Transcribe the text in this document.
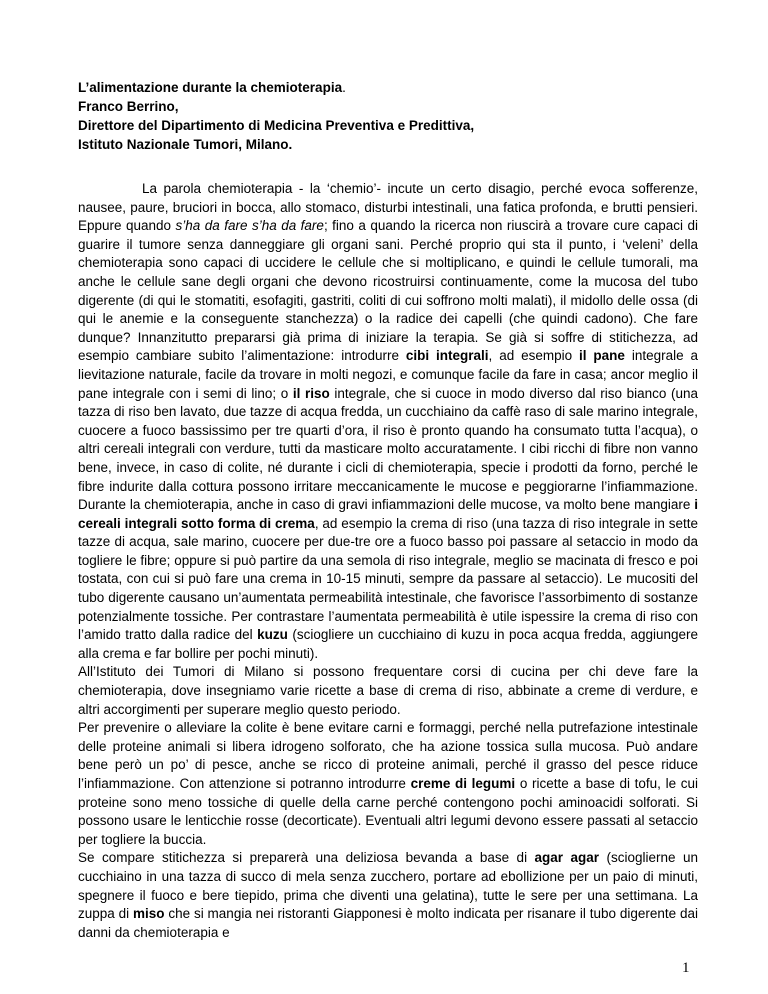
L’alimentazione durante la chemioterapia.
Franco Berrino,
Direttore del Dipartimento di Medicina Preventiva e Predittiva,
Istituto Nazionale Tumori, Milano.

La parola chemioterapia - la ‘chemio’- incute un certo disagio, perché evoca sofferenze, nausee, paure, bruciori in bocca, allo stomaco, disturbi intestinali, una fatica profonda, e brutti pensieri. Eppure quando s’ha da fare s’ha da fare; fino a quando la ricerca non riuscirà a trovare cure capaci di guarire il tumore senza danneggiare gli organi sani. Perché proprio qui sta il punto, i ‘veleni’ della chemioterapia sono capaci di uccidere le cellule che si moltiplicano, e quindi le cellule tumorali, ma anche le cellule sane degli organi che devono ricostruirsi continuamente, come la mucosa del tubo digerente (di qui le stomatiti, esofagiti, gastriti, coliti di cui soffrono molti malati), il midollo delle ossa (di qui le anemie e la conseguente stanchezza) o la radice dei capelli (che quindi cadono). Che fare dunque? Innanzitutto prepararsi già prima di iniziare la terapia. Se già si soffre di stitichezza, ad esempio cambiare subito l’alimentazione: introdurre cibi integrali, ad esempio il pane integrale a lievitazione naturale, facile da trovare in molti negozi, e comunque facile da fare in casa; ancor meglio il pane integrale con i semi di lino; o il riso integrale, che si cuoce in modo diverso dal riso bianco (una tazza di riso ben lavato, due tazze di acqua fredda, un cucchiaino da caffè raso di sale marino integrale, cuocere a fuoco bassissimo per tre quarti d’ora, il riso è pronto quando ha consumato tutta l’acqua), o altri cereali integrali con verdure, tutti da masticare molto accuratamente. I cibi ricchi di fibre non vanno bene, invece, in caso di colite, né durante i cicli di chemioterapia, specie i prodotti da forno, perché le fibre indurite dalla cottura possono irritare meccanicamente le mucose e peggiorarne l’infiammazione. Durante la chemioterapia, anche in caso di gravi infiammazioni delle mucose, va molto bene mangiare i cereali integrali sotto forma di crema, ad esempio la crema di riso (una tazza di riso integrale in sette tazze di acqua, sale marino, cuocere per due-tre ore a fuoco basso poi passare al setaccio in modo da togliere le fibre; oppure si può partire da una semola di riso integrale, meglio se macinata di fresco e poi tostata, con cui si può fare una crema in 10-15 minuti, sempre da passare al setaccio). Le mucositi del tubo digerente causano un’aumentata permeabilità intestinale, che favorisce l’assorbimento di sostanze potenzialmente tossiche. Per contrastare l’aumentata permeabilità è utile ispessire la crema di riso con l’amido tratto dalla radice del kuzu (sciogliere un cucchiaino di kuzu in poca acqua fredda, aggiungere alla crema e far bollire per pochi minuti).

All’Istituto dei Tumori di Milano si possono frequentare corsi di cucina per chi deve fare la chemioterapia, dove insegniamo varie ricette a base di crema di riso, abbinate a creme di verdure, e altri accorgimenti per superare meglio questo periodo.

Per prevenire o alleviare la colite è bene evitare carni e formaggi, perché nella putrefazione intestinale delle proteine animali si libera idrogeno solforato, che ha azione tossica sulla mucosa. Può andare bene però un po’ di pesce, anche se ricco di proteine animali, perché il grasso del pesce riduce l’infiammazione. Con attenzione si potranno introdurre creme di legumi o ricette a base di tofu, le cui proteine sono meno tossiche di quelle della carne perché contengono pochi aminoacidi solforati. Si possono usare le lenticchie rosse (decorticate). Eventuali altri legumi devono essere passati al setaccio per togliere la buccia.

Se compare stitichezza si preparerà una deliziosa bevanda a base di agar agar (sciogliernе un cucchiaino in una tazza di succo di mela senza zucchero, portare ad ebollizione per un paio di minuti, spegnere il fuoco e bere tiepido, prima che diventi una gelatina), tutte le sere per una settimana. La zuppa di miso che si mangia nei ristoranti Giapponesi è molto indicata per risanare il tubo digerente dai danni da chemioterapia e

1
